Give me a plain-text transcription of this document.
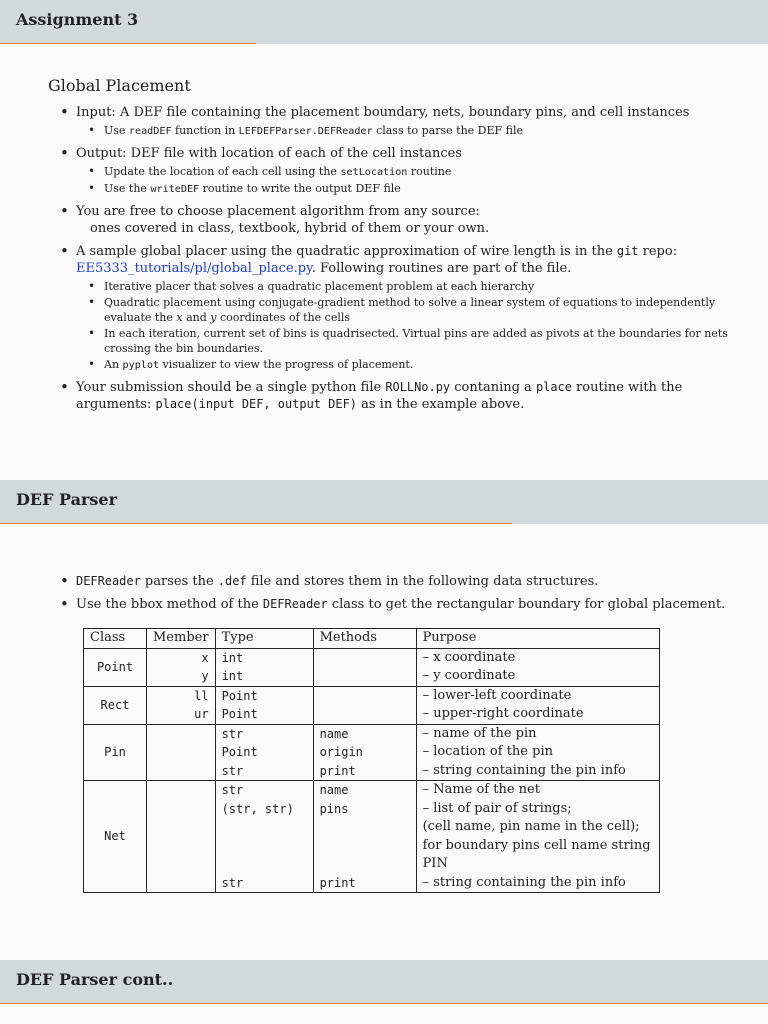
Assignment 3
Global Placement
• Input: A DEF file containing the placement boundary, nets, boundary pins, and cell instances
• Use readDEF function in LEFDEFParser.DEFReader class to parse the DEF file
• Output: DEF file with location of each of the cell instances
• Update the location of each cell using the setLocation routine
• Use the writeDEF routine to write the output DEF file
• You are free to choose placement algorithm from any source:
ones covered in class, textbook, hybrid of them or your own.
• A sample global placer using the quadratic approximation of wire length is in the git repo:
EE5333_tutorials/pl/global_place.py. Following routines are part of the file.
• Iterative placer that solves a quadratic placement problem at each hierarchy
• Quadratic placement using conjugate-gradient method to solve a linear system of equations to independently evaluate the x and y coordinates of the cells
• In each iteration, current set of bins is quadrisected. Virtual pins are added as pivots at the boundaries for nets crossing the bin boundaries.
• An pyplot visualizer to view the progress of placement.
• Your submission should be a single python file ROLLNo.py contaning a place routine with the arguments: place(input DEF, output DEF) as in the example above.
DEF Parser
• DEFReader parses the .def file and stores them in the following data structures.
• Use the bbox method of the DEFReader class to get the rectangular boundary for global placement.
Class	Member	Type	Methods	Purpose
Point	x	int		– x coordinate
	y	int		– y coordinate
Rect	ll	Point		– lower-left coordinate
	ur	Point		– upper-right coordinate
Pin		str	name	– name of the pin
		Point	origin	– location of the pin
		str	print	– string containing the pin info
Net		str	name	– Name of the net
		(str, str)	pins	– list of pair of strings;
				(cell name, pin name in the cell);
				for boundary pins cell name string PIN
		str	print	– string containing the pin info
DEF Parser cont..
